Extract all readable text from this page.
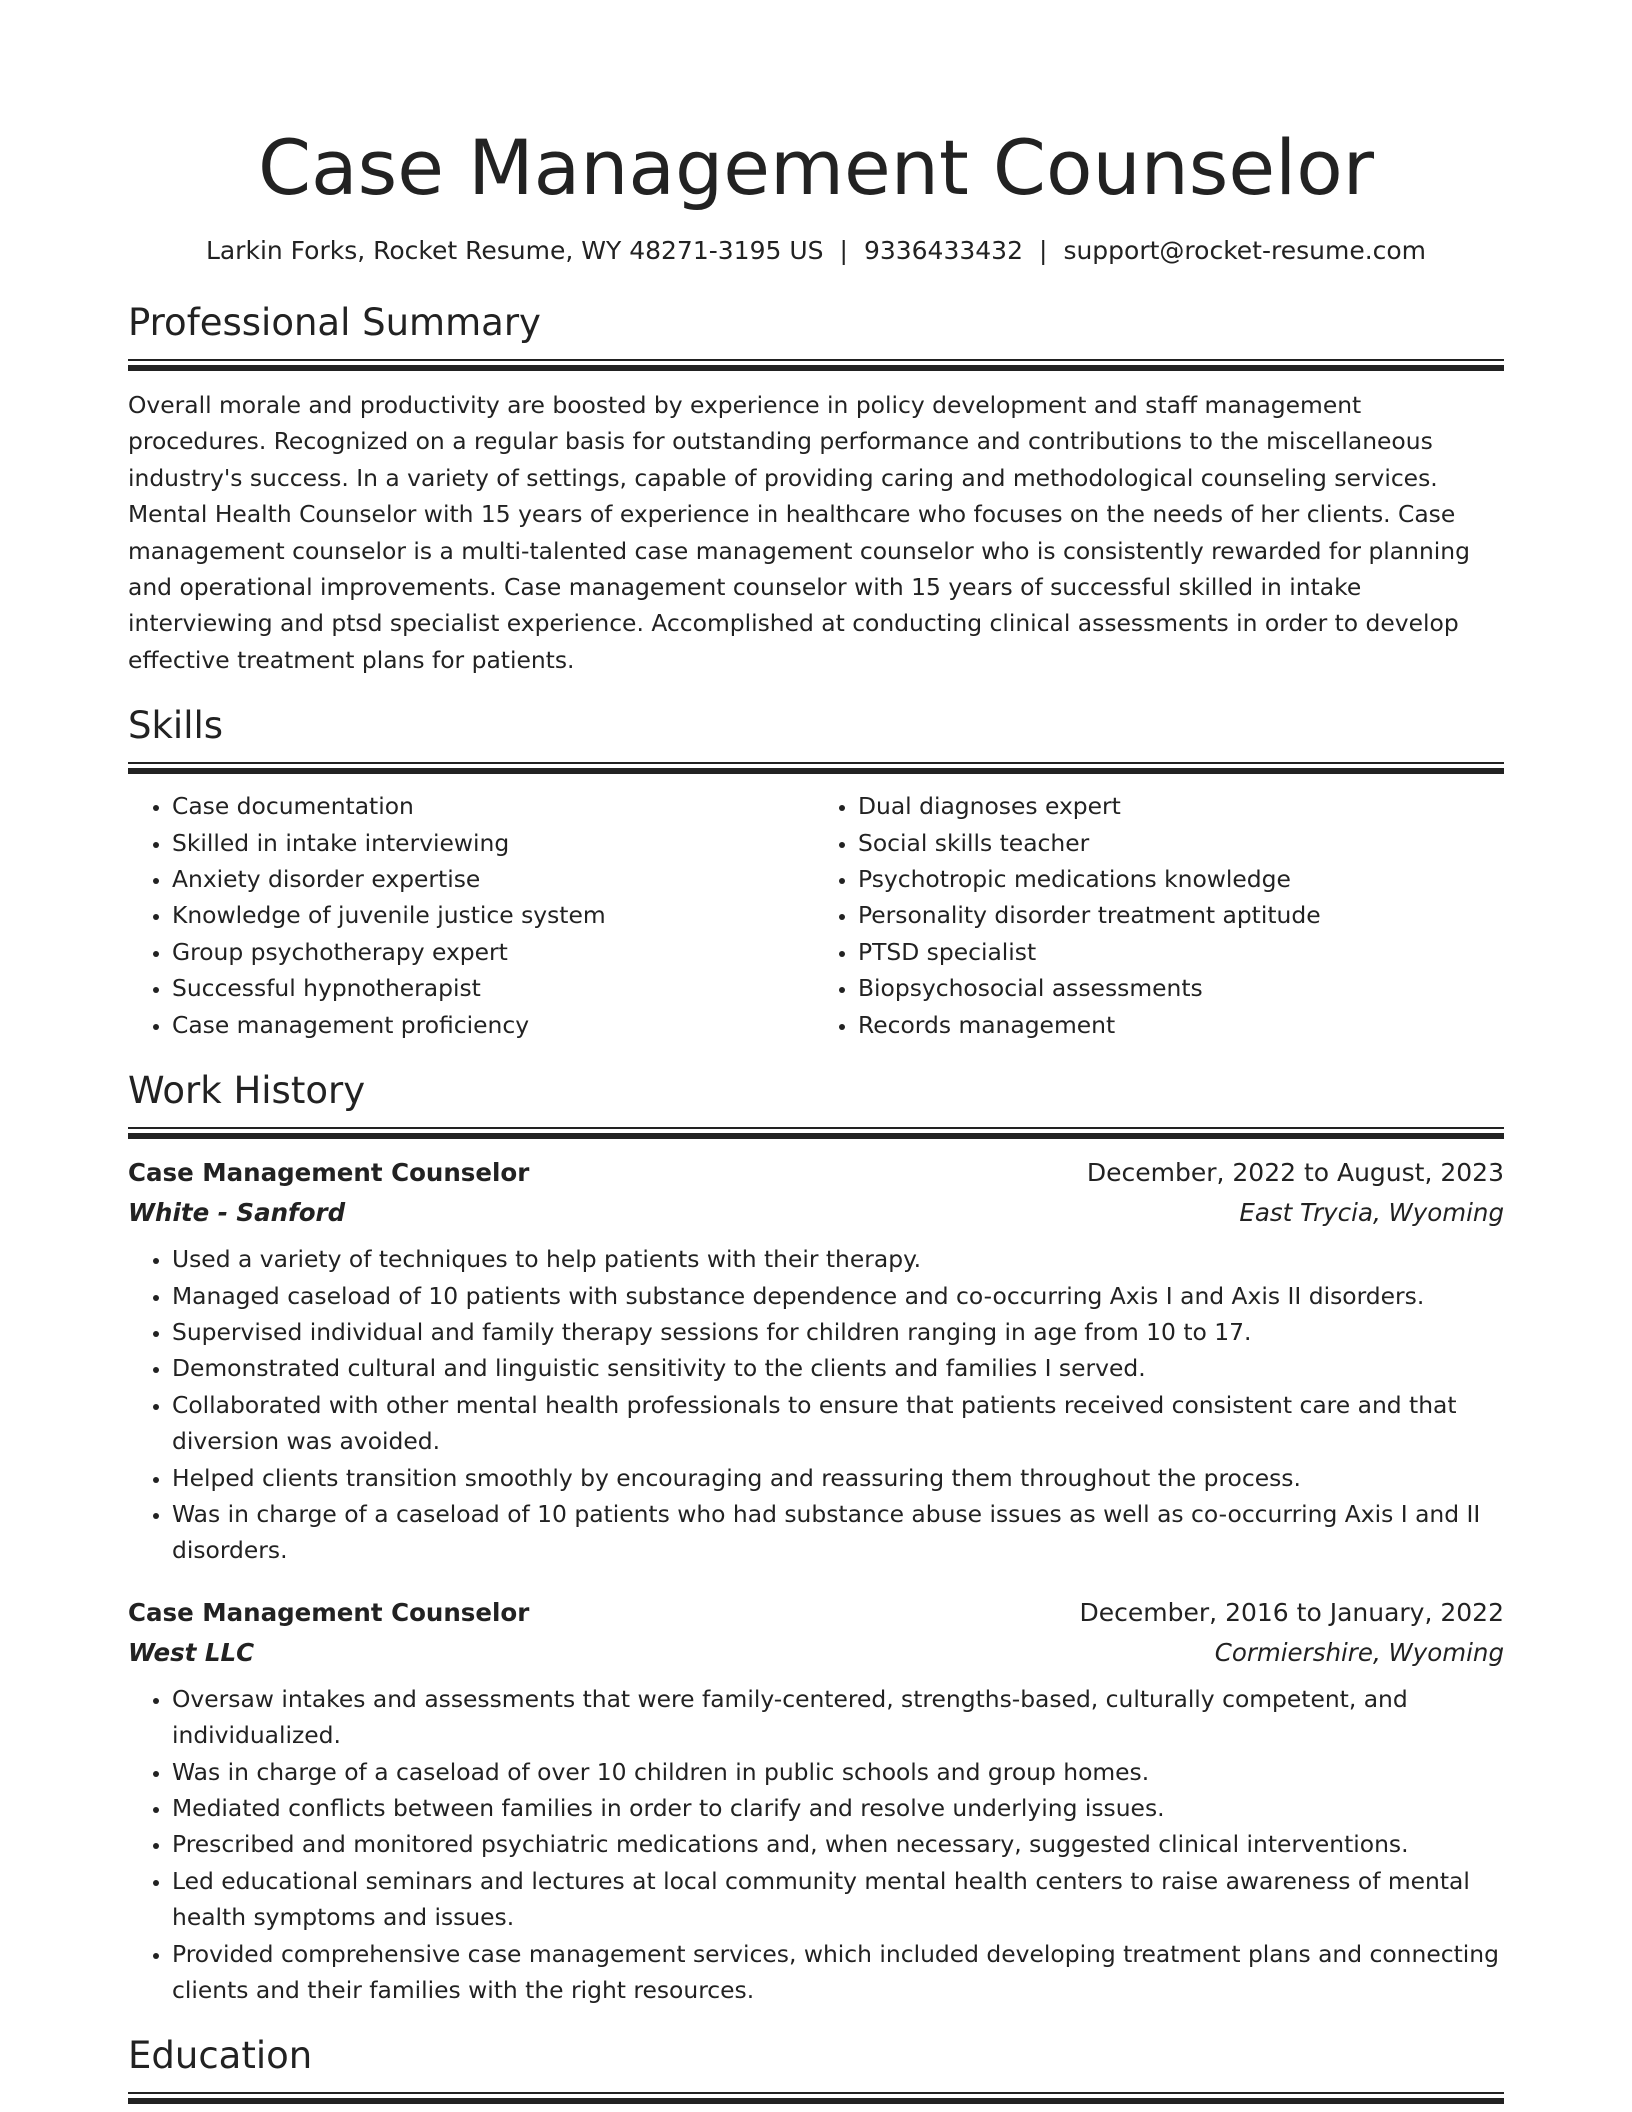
Case Management Counselor
Larkin Forks, Rocket Resume, WY 48271-3195 US | 9336433432 | support@rocket-resume.com
Professional Summary

Overall morale and productivity are boosted by experience in policy development and staff management procedures. Recognized on a regular basis for outstanding performance and contributions to the miscellaneous industry's success. In a variety of settings, capable of providing caring and methodological counseling services. Mental Health Counselor with 15 years of experience in healthcare who focuses on the needs of her clients. Case management counselor is a multi-talented case management counselor who is consistently rewarded for planning and operational improvements. Case management counselor with 15 years of successful skilled in intake interviewing and ptsd specialist experience. Accomplished at conducting clinical assessments in order to develop effective treatment plans for patients.

Skills
• Case documentation
• Skilled in intake interviewing
• Anxiety disorder expertise
• Knowledge of juvenile justice system
• Group psychotherapy expert
• Successful hypnotherapist
• Case management proficiency
• Dual diagnoses expert
• Social skills teacher
• Psychotropic medications knowledge
• Personality disorder treatment aptitude
• PTSD specialist
• Biopsychosocial assessments
• Records management
Work History
Case Management Counselor	December, 2022 to August, 2023
White - Sanford	East Trycia, Wyoming
• Used a variety of techniques to help patients with their therapy.
• Managed caseload of 10 patients with substance dependence and co-occurring Axis I and Axis II disorders.
• Supervised individual and family therapy sessions for children ranging in age from 10 to 17.
• Demonstrated cultural and linguistic sensitivity to the clients and families I served.
• Collaborated with other mental health professionals to ensure that patients received consistent care and that diversion was avoided.
• Helped clients transition smoothly by encouraging and reassuring them throughout the process.
• Was in charge of a caseload of 10 patients who had substance abuse issues as well as co-occurring Axis I and II disorders.
Case Management Counselor	December, 2016 to January, 2022
West LLC	Cormiershire, Wyoming
• Oversaw intakes and assessments that were family-centered, strengths-based, culturally competent, and individualized.
• Was in charge of a caseload of over 10 children in public schools and group homes.
• Mediated conflicts between families in order to clarify and resolve underlying issues.
• Prescribed and monitored psychiatric medications and, when necessary, suggested clinical interventions.
• Led educational seminars and lectures at local community mental health centers to raise awareness of mental health symptoms and issues.
• Provided comprehensive case management services, which included developing treatment plans and connecting clients and their families with the right resources.
Education
